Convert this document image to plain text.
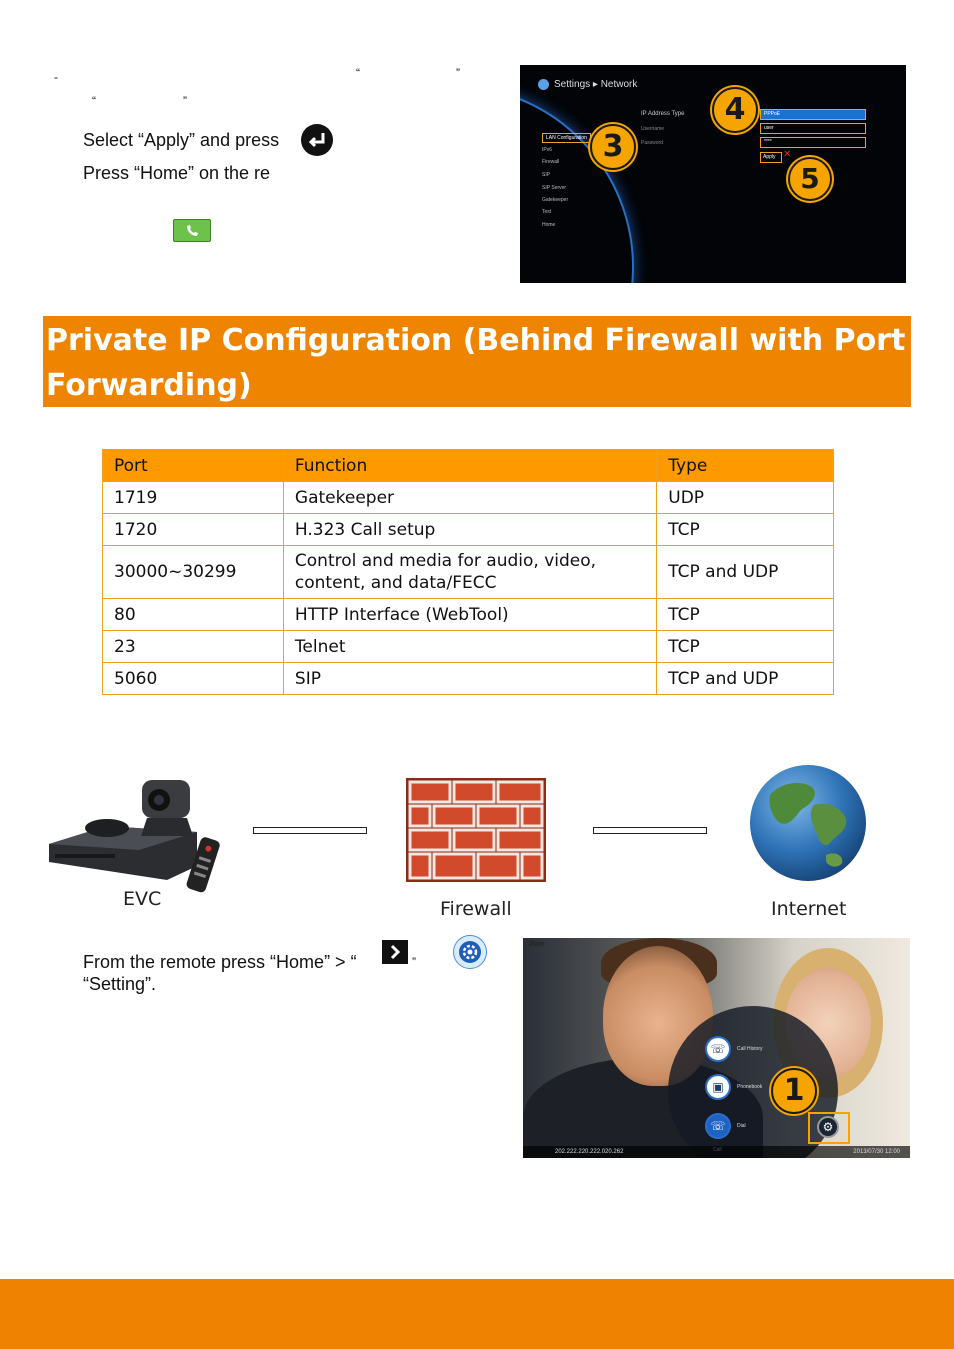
-	“	”
“	”
Select “Apply” and press
Press “Home” on the re
Settings ▸ Network
LAN Configuration
IPv6
Firewall
SIP
SIP Server
Gatekeeper
Test
Home
IP Address Type
Username
Password
PPPoE
user
****
Apply ✕
3
4
5
Private IP Configuration (Behind Firewall with Port Forwarding)
Port	Function	Type
1719	Gatekeeper	UDP
1720	H.323 Call setup	TCP
30000~30299	Control and media for audio, video, content, and data/FECC	TCP and UDP
80	HTTP Interface (WebTool)	TCP
23	Telnet	TCP
5060	SIP	TCP and UDP
EVC	Firewall	Internet
From the remote press “Home” > “	”
“Setting”.
AVer
☏	Call History
▣	Phonebook
☏	Dial	⚙
1
202.222.220.222.020.262	2013/07/30 12:00
